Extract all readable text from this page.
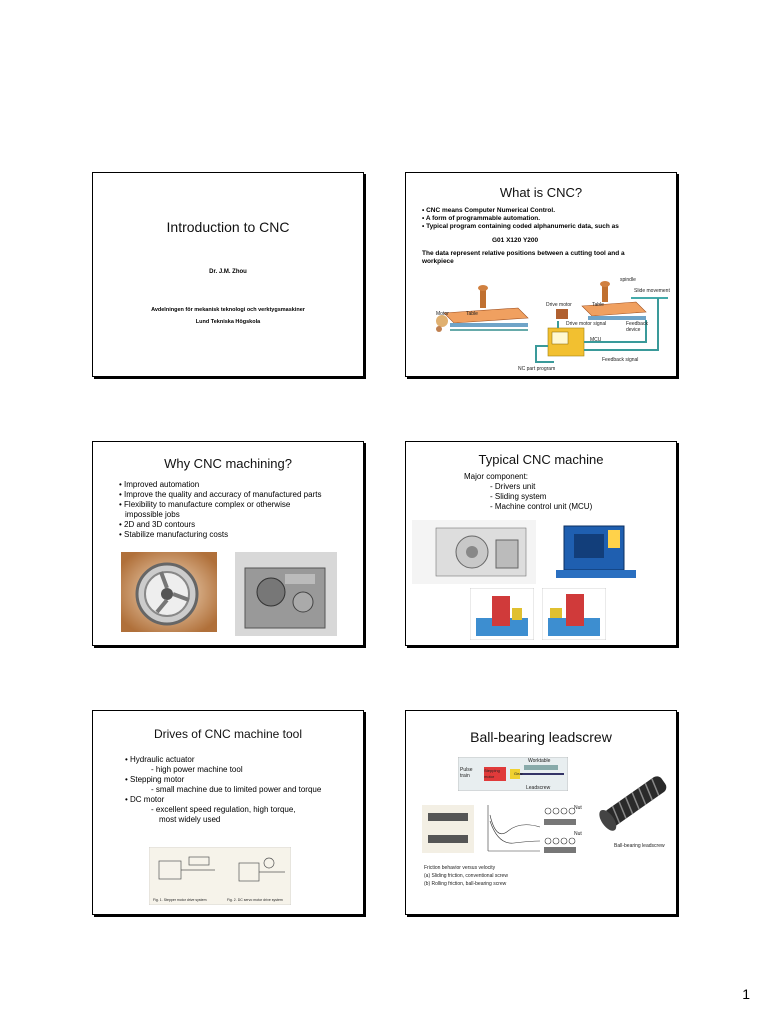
Introduction to CNC
Dr. J.M. Zhou
Avdelningen för mekanisk teknologi och verktygsmaskiner
Lund Tekniska Högskola
What is CNC?
• CNC means Computer Numerical Control.
• A form of programmable automation.
• Typical program containing coded alphanumeric data, such as
G01 X120 Y200
The data represent relative positions between a cutting tool and a
workpiece
spindle
Slide movement
Drive motor	Table
Drive motor signal	Feedback device
MCU
Feedback signal
NC part program
Table
Motor
Why CNC machining?
• Improved automation
• Improve the quality and accuracy of manufactured parts
• Flexibility to manufacture complex or otherwise
impossible jobs
• 2D and 3D contours
• Stabilize manufacturing costs
Typical CNC machine
Major component:
- Drivers unit
- Sliding system
- Machine control unit (MCU)
Drives of CNC machine tool
• Hydraulic actuator
- high power machine tool
• Stepping motor
- small machine due to limited power and torque
• DC motor
- excellent speed regulation, high torque,
most widely used
Fig. 1. Stepper motor drive system	Fig. 2. DC servo motor drive system
Ball-bearing leadscrew
Worktable
Leadscrew
Pulse train
Stepping motor
Gear
Nut
Nut
Ball-bearing leadscrew
Friction behavior versus velocity
(a) Sliding friction, conventional screw
(b) Rolling friction, ball-bearing screw
1
